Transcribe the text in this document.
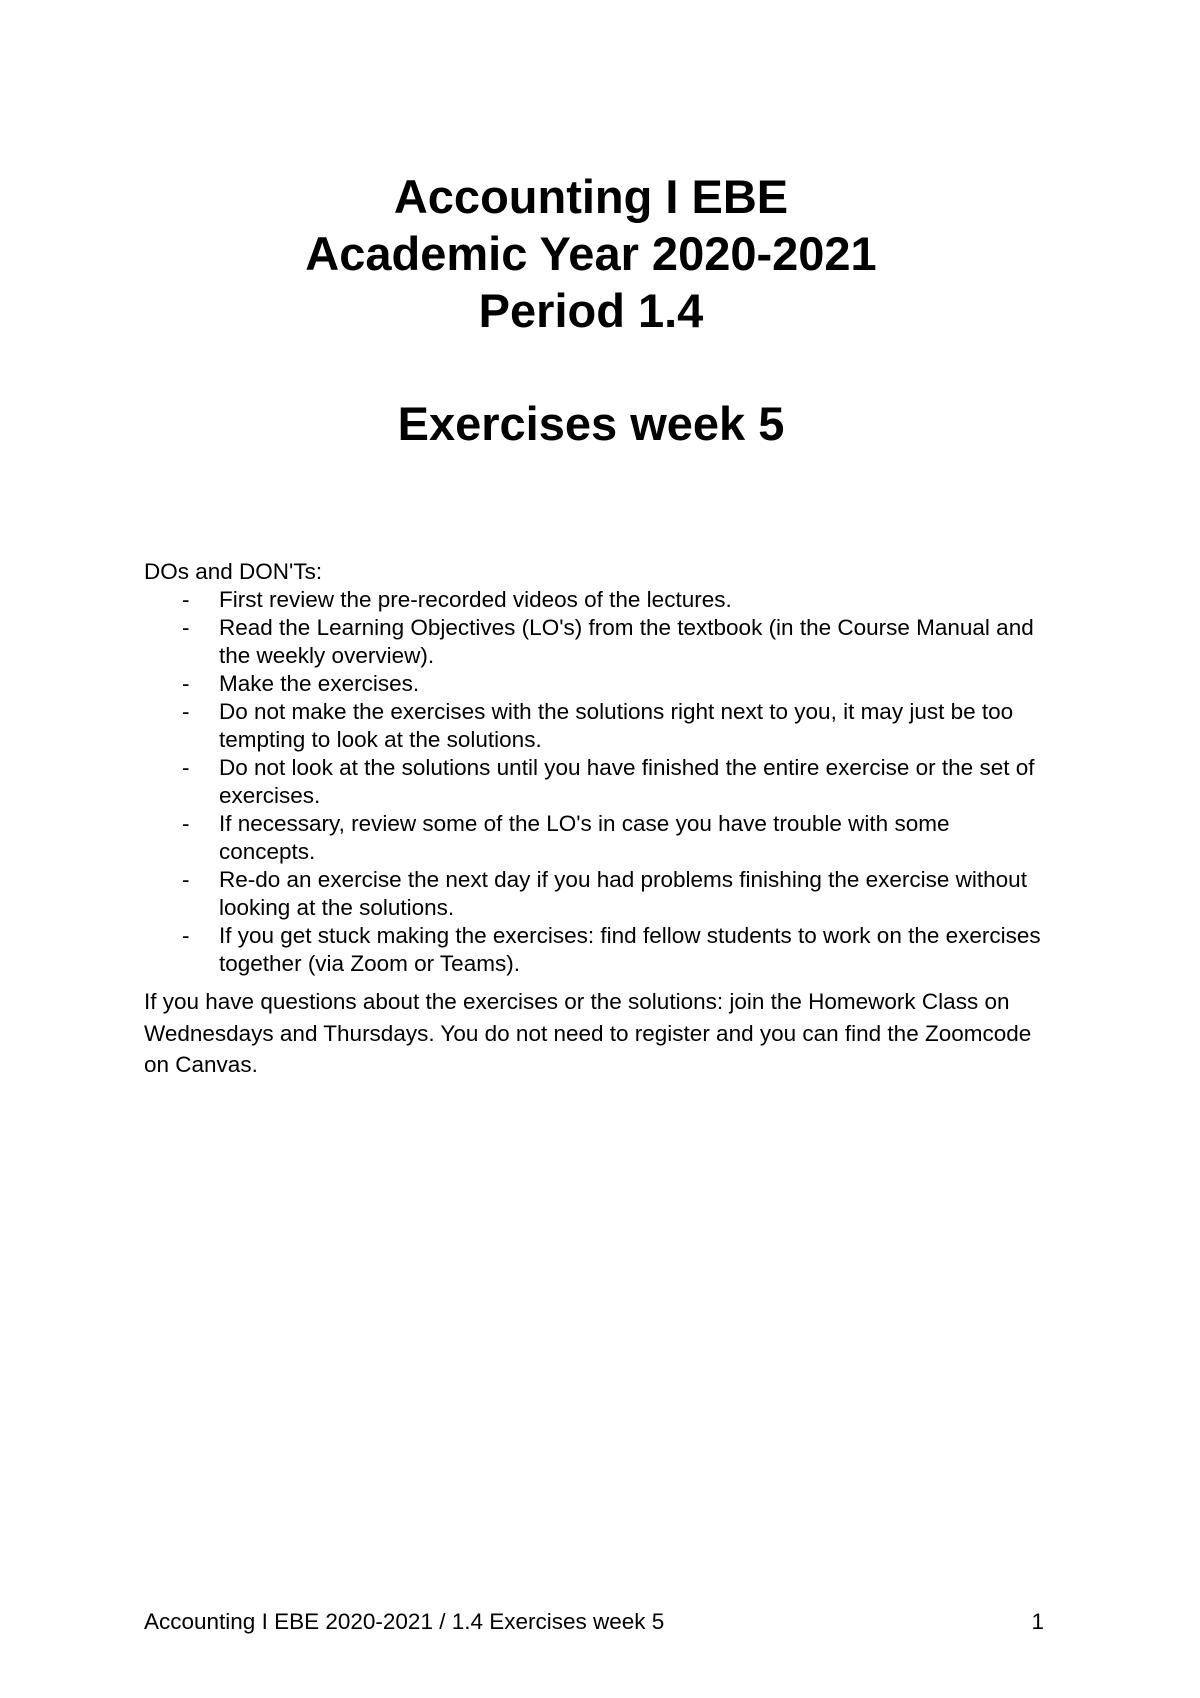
Accounting I EBE

Academic Year 2020-2021

Period 1.4

Exercises week 5

DOs and DON'Ts:

- First review the pre-recorded videos of the lectures.
- Read the Learning Objectives (LO's) from the textbook (in the Course Manual and the weekly overview).
- Make the exercises.
- Do not make the exercises with the solutions right next to you, it may just be too tempting to look at the solutions.
- Do not look at the solutions until you have finished the entire exercise or the set of exercises.
- If necessary, review some of the LO's in case you have trouble with some concepts.
- Re-do an exercise the next day if you had problems finishing the exercise without looking at the solutions.
- If you get stuck making the exercises: find fellow students to work on the exercises together (via Zoom or Teams).

If you have questions about the exercises or the solutions: join the Homework Class on Wednesdays and Thursdays. You do not need to register and you can find the Zoomcode on Canvas.

Accounting I EBE 2020-2021 / 1.4 Exercises week 5	1
